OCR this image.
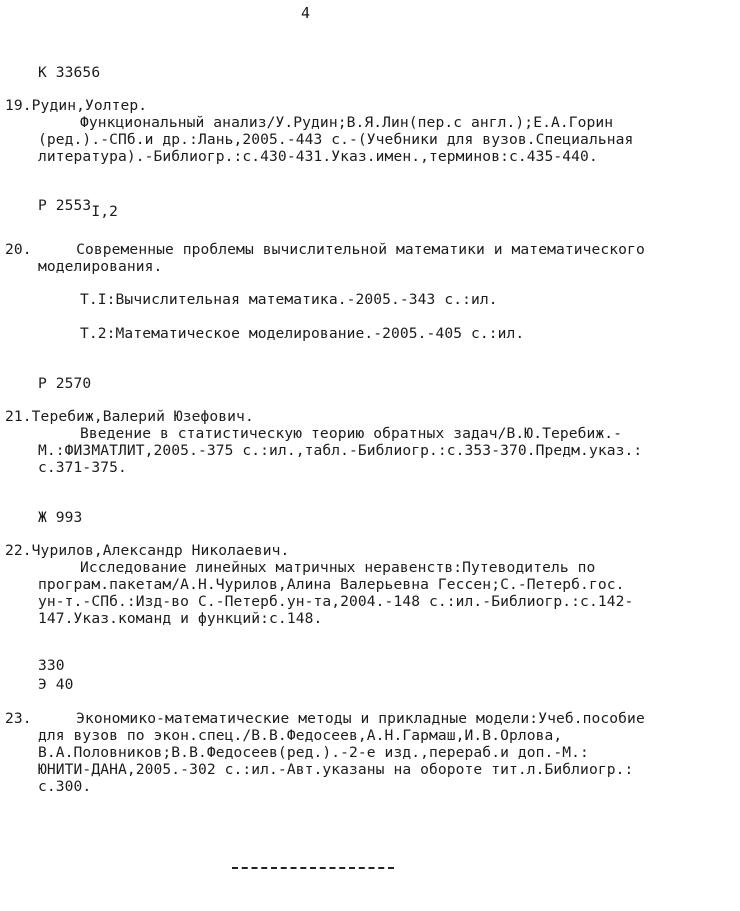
4
К 33656
19.Рудин,Уолтер.
Функциональный анализ/У.Рудин;В.Я.Лин(пер.с англ.);Е.А.Горин
(ред.).-СПб.и др.:Лань,2005.-443 с.-(Учебники для вузов.Специальная
литература).-Библиогр.:с.430-431.Указ.имен.,терминов:с.435-440.
Р $2553_{I,2}$
20.	Современные проблемы вычислительной математики и математического
моделирования.
Т.I:Вычислительная математика.-2005.-343 с.:ил.
Т.2:Математическое моделирование.-2005.-405 с.:ил.
Р 2570
21.Теребиж,Валерий Юзефович.
Введение в статистическую теорию обратных задач/В.Ю.Теребиж.-
М.:ФИЗМАТЛИТ,2005.-375 с.:ил.,табл.-Библиогр.:с.353-370.Предм.указ.:
с.371-375.
Ж 993
22.Чурилов,Александр Николаевич.
Исследование линейных матричных неравенств:Путеводитель по
програм.пакетам/А.Н.Чурилов,Алина Валерьевна Гессен;С.-Петерб.гос.
ун-т.-СПб.:Изд-во С.-Петерб.ун-та,2004.-148 с.:ил.-Библиогр.:с.142-
147.Указ.команд и функций:с.148.
330
Э 40
23.	Экономико-математические методы и прикладные модели:Учеб.пособие
для вузов по экон.спец./В.В.Федосеев,А.Н.Гармаш,И.В.Орлова,
В.А.Половников;В.В.Федосеев(ред.).-2-е изд.,перераб.и доп.-М.:
ЮНИТИ-ДАНА,2005.-302 с.:ил.-Авт.указаны на обороте тит.л.Библиогр.:
с.300.
